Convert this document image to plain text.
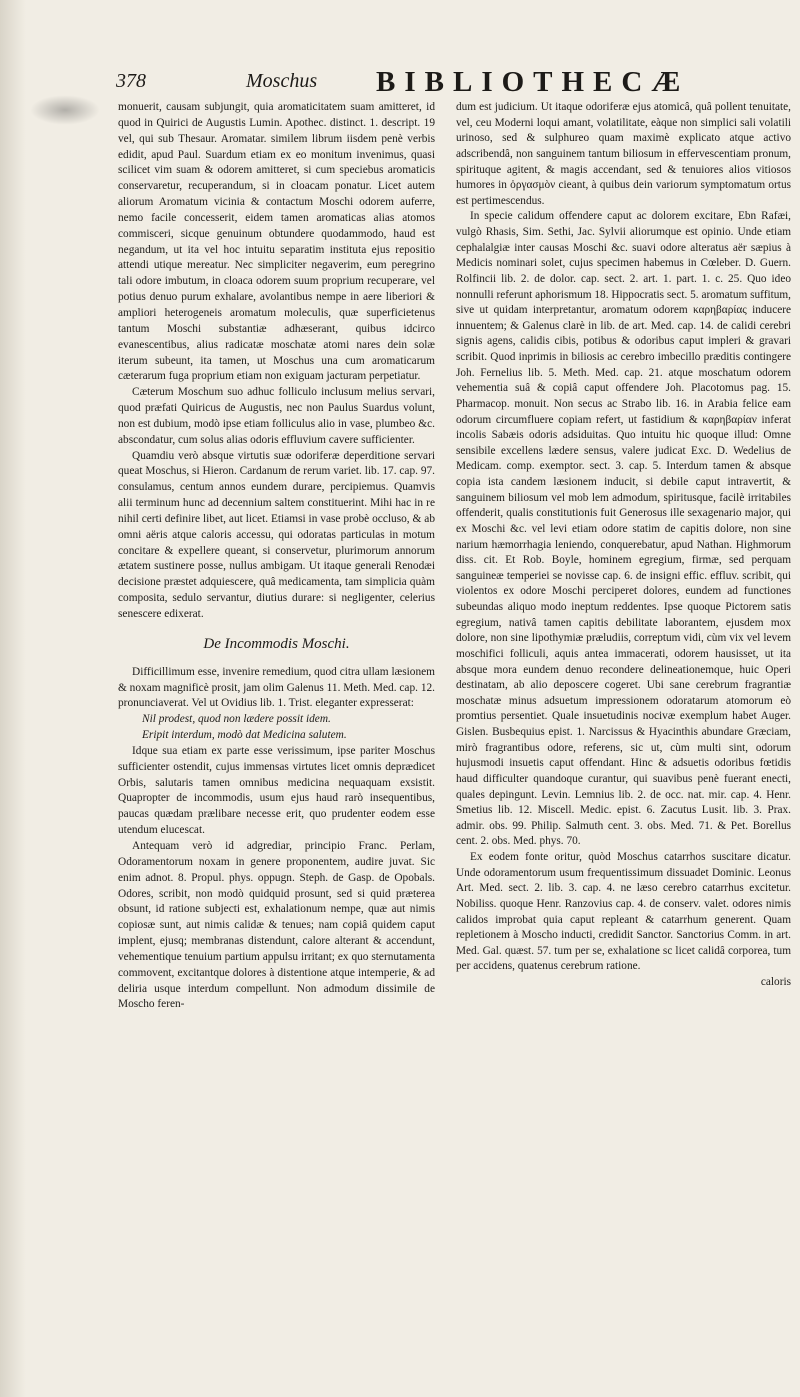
378	Moschus BIBLIOTHECÆ

monuerit, causam subjungit, quia aromaticitatem suam amitteret, id quod in Quirici de Augustis Lumin. Apothec. distinct. 1. descript. 19 vel, qui sub Thesaur. Aromatar. similem librum iisdem penè verbis edidit, apud Paul. Suardum etiam ex eo monitum invenimus, quasi scilicet vim suam & odorem amitteret, si cum speciebus aromaticis conservaretur, recuperandum, si in cloacam ponatur. Licet autem aliorum Aromatum vicinia & contactum Moschi odorem auferre, nemo facile concesserit, eidem tamen aromaticas alias atomos commisceri, sicque genuinum obtundere quodammodo, haud est negandum, ut ita vel hoc intuitu separatim instituta ejus repositio attendi utique mereatur. Nec simpliciter negaverim, eum peregrino tali odore imbutum, in cloaca odorem suum proprium recuperare, vel potius denuo purum exhalare, avolantibus nempe in aere liberiori & ampliori heterogeneis aromatum moleculis, quæ superficietenus tantum Moschi substantiæ adhæserant, quibus idcirco evanescentibus, alius radicatæ moschatæ atomi nares dein solæ iterum subeunt, ita tamen, ut Moschus una cum aromaticarum cæterarum fuga proprium etiam non exiguam jacturam perpetiatur.

Cæterum Moschum suo adhuc folliculo inclusum melius servari, quod præfati Quiricus de Augustis, nec non Paulus Suardus volunt, non est dubium, modò ipse etiam folliculus alio in vase, plumbeo &c. abscondatur, cum solus alias odoris effluvium cavere sufficienter.

Quamdiu verò absque virtutis suæ odoriferæ deperditione servari queat Moschus, si Hieron. Cardanum de rerum variet. lib. 17. cap. 97. consulamus, centum annos eundem durare, percipiemus. Quamvis alii terminum hunc ad decennium saltem constituerint. Mihi hac in re nihil certi definire libet, aut licet. Etiamsi in vase probè occluso, & ab omni aëris atque caloris accessu, qui odoratas particulas in motum concitare & expellere queant, si conservetur, plurimorum annorum ætatem sustinere posse, nullus ambigam. Ut itaque generali Renodæi decisione præstet adquiescere, quâ medicamenta, tam simplicia quàm composita, sedulo servantur, diutius durare: si negligenter, celerius senescere edixerat.

De Incommodis Moschi.

Difficillimum esse, invenire remedium, quod citra ullam læsionem & noxam magnificè prosit, jam olim Galenus 11. Meth. Med. cap. 12. pronunciaverat. Vel ut Ovidius lib. 1. Trist. eleganter expresserat:

Nil prodest, quod non lædere possit idem.

Eripit interdum, modò dat Medicina salutem.

Idque sua etiam ex parte esse verissimum, ipse pariter Moschus sufficienter ostendit, cujus immensas virtutes licet omnis deprædicet Orbis, salutaris tamen omnibus medicina nequaquam exsistit. Quapropter de incommodis, usum ejus haud rarò insequentibus, paucas quædam prælibare necesse erit, quo prudenter eodem esse utendum elucescat.

Antequam verò id adgrediar, principio Franc. Perlam, Odoramentorum noxam in genere proponentem, audire juvat. Sic enim adnot. 8. Propul. phys. oppugn. Steph. de Gasp. de Opobals. Odores, scribit, non modò quidquid prosunt, sed si quid præterea obsunt, id ratione subjecti est, exhalationum nempe, quæ aut nimis copiosæ sunt, aut nimis calidæ & tenues; nam copiâ quidem caput implent, ejusq; membranas distendunt, calore alterant & accendunt, vehementique tenuium partium appulsu irritant; ex quo sternutamenta commovent, excitantque dolores à distentione atque intemperie, & ad deliria usque interdum compellunt. Non admodum dissimile de Moscho feren-

dum est judicium. Ut itaque odoriferæ ejus atomicâ, quâ pollent tenuitate, vel, ceu Moderni loqui amant, volatilitate, eàque non simplici sali volatili urinoso, sed & sulphureo quam maximè explicato atque activo adscribendâ, non sanguinem tantum biliosum in effervescentiam pronum, spirituque agitent, & magis accendant, sed & tenuiores alios vitiosos humores in ὀργασμὸν cieant, à quibus dein variorum symptomatum ortus est pertimescendus.

In specie calidum offendere caput ac dolorem excitare, Ebn Rafæi, vulgò Rhasis, Sim. Sethi, Jac. Sylvii aliorumque est opinio. Unde etiam cephalalgiæ inter causas Moschi &c. suavi odore alteratus aër sæpius à Medicis nominari solet, cujus specimen habemus in Cœleber. D. Guern. Rolfincii lib. 2. de dolor. cap. sect. 2. art. 1. part. 1. c. 25. Quo ideo nonnulli referunt aphorismum 18. Hippocratis sect. 5. aromatum suffitum, sive ut quidam interpretantur, aromatum odorem καρηβαρίας inducere innuentem; & Galenus clarè in lib. de art. Med. cap. 14. de calidi cerebri signis agens, calidis cibis, potibus & odoribus caput impleri & gravari scribit. Quod inprimis in biliosis ac cerebro imbecillo præditis contingere Joh. Fernelius lib. 5. Meth. Med. cap. 21. atque moschatum odorem vehementia suâ & copiâ caput offendere Joh. Placotomus pag. 15. Pharmacop. monuit. Non secus ac Strabo lib. 16. in Arabia felice eam odorum circumfluere copiam refert, ut fastidium & καρηβαρίαν inferat incolis Sabæis odoris adsiduitas. Quo intuitu hic quoque illud: Omne sensibile excellens lædere sensus, valere judicat Exc. D. Wedelius de Medicam. comp. exemptor. sect. 3. cap. 5. Interdum tamen & absque copia ista candem læsionem inducit, si debile caput intravertit, & sanguinem biliosum vel mob lem admodum, spiritusque, facilè irritabiles offenderit, qualis constitutionis fuit Generosus ille sexagenario major, qui ex Moschi &c. vel levi etiam odore statim de capitis dolore, non sine narium hæmorrhagia leniendo, conquerebatur, apud Nathan. Highmorum diss. cit. Et Rob. Boyle, hominem egregium, firmæ, sed perquam sanguineæ temperiei se novisse cap. 6. de insigni effic. effluv. scribit, qui violentos ex odore Moschi perciperet dolores, eundem ad functiones subeundas aliquo modo ineptum reddentes. Ipse quoque Pictorem satis egregium, nativâ tamen capitis debilitate laborantem, ejusdem mox dolore, non sine lipothymiæ præludiis, correptum vidi, cùm vix vel levem moschifici folliculi, aquis antea immacerati, odorem hausisset, ut ita absque mora eundem denuo recondere delineationemque, huic Operi destinatam, ab alio deposcere cogeret. Ubi sane cerebrum fragrantiæ moschatæ minus adsuetum impressionem odoratarum atomorum eò promtius persentiet. Quale insuetudinis nocivæ exemplum habet Auger. Gislen. Busbequius epist. 1. Narcissus & Hyacinthis abundare Græciam, mirò fragrantibus odore, referens, sic ut, cùm multi sint, odorum hujusmodi insuetis caput offendant. Hinc & adsuetis odoribus fœtidis haud difficulter quandoque curantur, qui suavibus penè fuerant enecti, quales depingunt. Levin. Lemnius lib. 2. de occ. nat. mir. cap. 4. Henr. Smetius lib. 12. Miscell. Medic. epist. 6. Zacutus Lusit. lib. 3. Prax. admir. obs. 99. Philip. Salmuth cent. 3. obs. Med. 71. & Pet. Borellus cent. 2. obs. Med. phys. 70.

Ex eodem fonte oritur, quòd Moschus catarrhos suscitare dicatur. Unde odoramentorum usum frequentissimum dissuadet Dominic. Leonus Art. Med. sect. 2. lib. 3. cap. 4. ne læso cerebro catarrhus excitetur. Nobiliss. quoque Henr. Ranzovius cap. 4. de conserv. valet. odores nimis calidos improbat quia caput repleant & catarrhum generent. Quam repletionem à Moscho inducti, credidit Sanctor. Sanctorius Comm. in art. Med. Gal. quæst. 57. tum per se, exhalatione sc licet calidâ corporea, tum per accidens, quatenus cerebrum ratione.

caloris
